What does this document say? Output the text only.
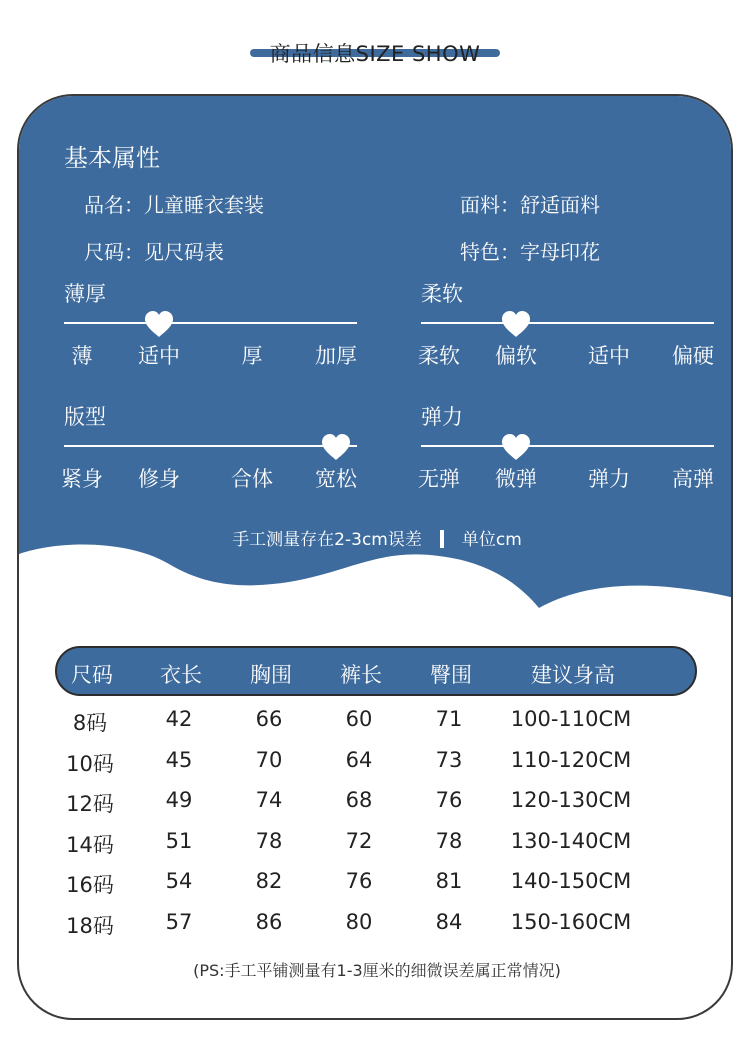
商品信息SIZE SHOW
基本属性
品名：儿童睡衣套装	面料：舒适面料
尺码：见尺码表	特色：字母印花
薄厚
薄	适中	厚	加厚
柔软
柔软	偏软	适中	偏硬
版型
紧身	修身	合体	宽松
弹力
无弹	微弹	弹力	高弹
手工测量存在2-3cm误差 单位cm
尺码	衣长	胸围	裤长	臀围	建议身高
8码	42	66	60	71	100-110CM
10码	45	70	64	73	110-120CM
12码	49	74	68	76	120-130CM
14码	51	78	72	78	130-140CM
16码	54	82	76	81	140-150CM
18码	57	86	80	84	150-160CM
(PS:手工平铺测量有1-3厘米的细微误差属正常情况)
